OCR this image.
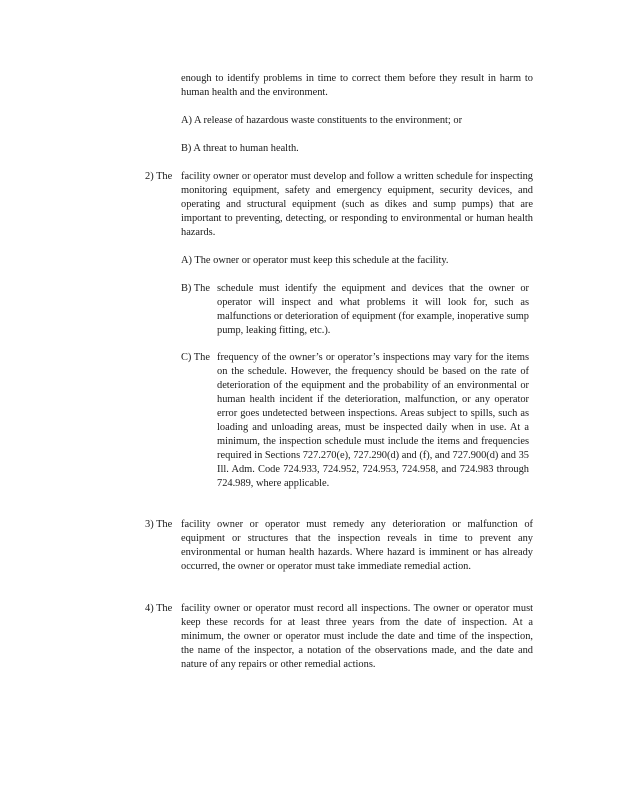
enough to identify problems in time to correct them before they result in harm to human health and the environment.

A) A release of hazardous waste constituents to the environment; or
B) A threat to human health.
2) The facility owner or operator must develop and follow a written schedule for inspecting monitoring equipment, safety and emergency equipment, security devices, and operating and structural equipment (such as dikes and sump pumps) that are important to preventing, detecting, or responding to environmental or human health hazards.

A) The owner or operator must keep this schedule at the facility.
B) The schedule must identify the equipment and devices that the owner or operator will inspect and what problems it will look for, such as malfunctions or deterioration of equipment (for example, inoperative sump pump, leaking fitting, etc.).

C) The frequency of the owner’s or operator’s inspections may vary for the items on the schedule. However, the frequency should be based on the rate of deterioration of the equipment and the probability of an environmental or human health incident if the deterioration, malfunction, or any operator error goes undetected between inspections. Areas subject to spills, such as loading and unloading areas, must be inspected daily when in use. At a minimum, the inspection schedule must include the items and frequencies required in Sections 727.270(e), 727.290(d) and (f), and 727.900(d) and 35 Ill. Adm. Code 724.933, 724.952, 724.953, 724.958, and 724.983 through 724.989, where applicable.

3) The facility owner or operator must remedy any deterioration or malfunction of equipment or structures that the inspection reveals in time to prevent any environmental or human health hazards. Where hazard is imminent or has already occurred, the owner or operator must take immediate remedial action.

4) The facility owner or operator must record all inspections. The owner or operator must keep these records for at least three years from the date of inspection. At a minimum, the owner or operator must include the date and time of the inspection, the name of the inspector, a notation of the observations made, and the date and nature of any repairs or other remedial actions.
